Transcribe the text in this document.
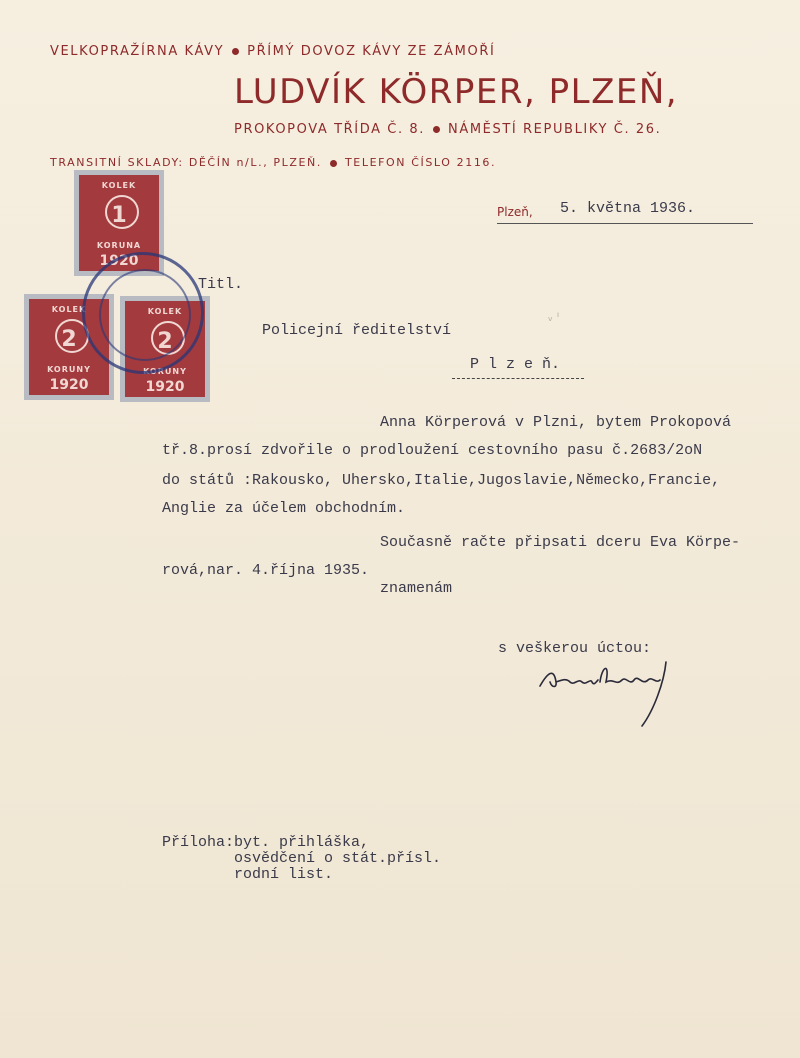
VELKOPRAŽÍRNA KÁVY PŘÍMÝ DOVOZ KÁVY ZE ZÁMOŘÍ
LUDVÍK KÖRPER, PLZEŇ,
PROKOPOVA TŘÍDA Č. 8. NÁMĚSTÍ REPUBLIKY Č. 26.
TRANSITNÍ SKLADY: DĚČÍN n/L., PLZEŇ. TELEFON ČÍSLO 2116.
Plzeň, 5. května 1936.
KOLEK
1
KORUNA
1920
KOLEK
2
KORUNY
1920
KOLEK
2
KORUNY
1920
Titl.
Policejní ředitelství
P l z e ň.
ᵥ ᴵ
Anna Körperová v Plzni, bytem Prokopová
tř.8.prosí zdvořile o prodloužení cestovního pasu č.2683/2oN
do států :Rakousko, Uhersko,Italie,Jugoslavie,Německo,Francie,
Anglie za účelem obchodním.
Současně račte připsati dceru Eva Körpe-
rová,nar. 4.října 1935.
znamenám
s veškerou úctou:
Příloha: byt. přihláška,
osvědčení o stát.přísl.
rodní list.
